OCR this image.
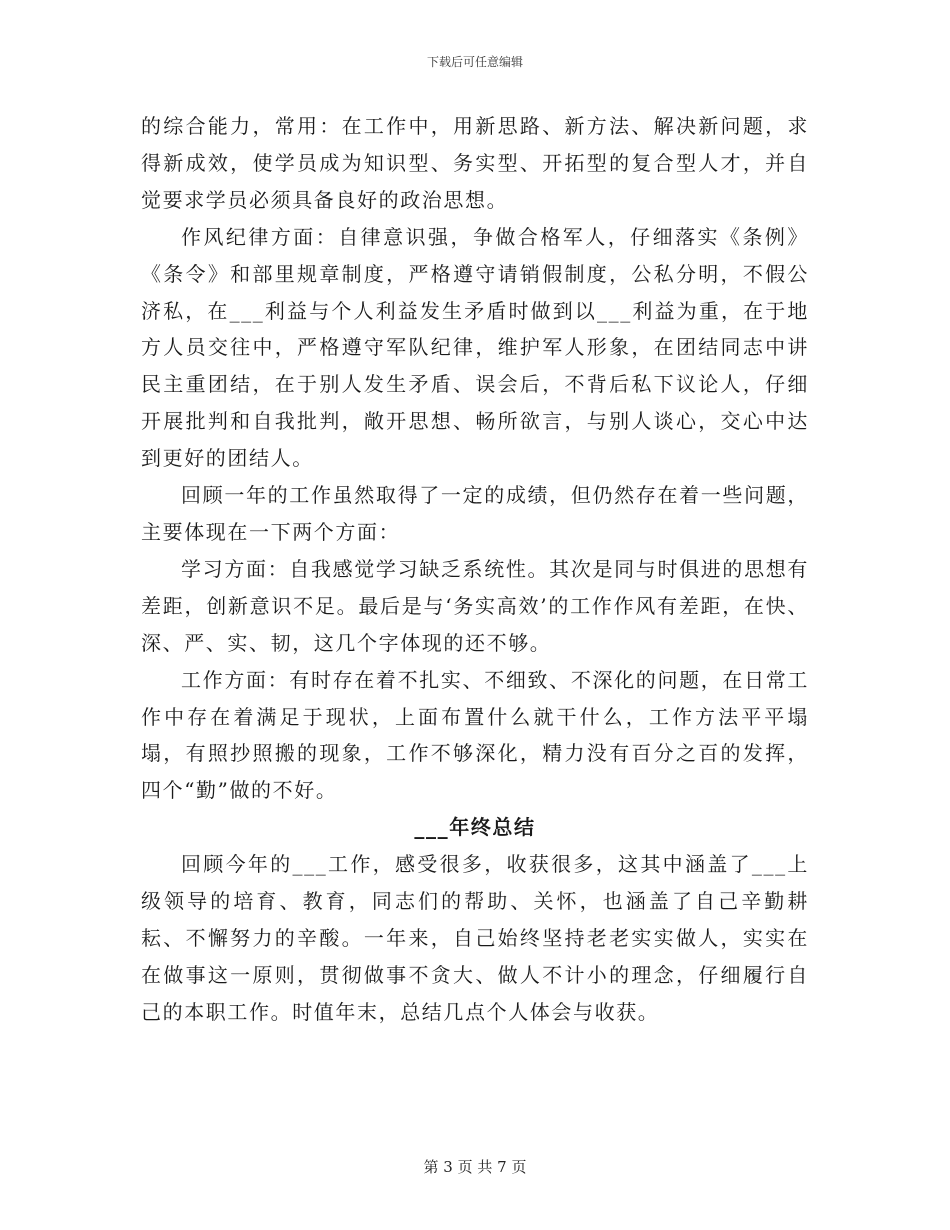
下载后可任意编辑

的综合能力，常用：在工作中，用新思路、新方法、解决新问题，求得新成效，使学员成为知识型、务实型、开拓型的复合型人才，并自觉要求学员必须具备良好的政治思想。

作风纪律方面：自律意识强，争做合格军人，仔细落实《条例》《条令》和部里规章制度，严格遵守请销假制度，公私分明，不假公济私，在___利益与个人利益发生矛盾时做到以___利益为重，在于地方人员交往中，严格遵守军队纪律，维护军人形象，在团结同志中讲民主重团结，在于别人发生矛盾、误会后，不背后私下议论人，仔细开展批判和自我批判，敞开思想、畅所欲言，与别人谈心，交心中达到更好的团结人。

回顾一年的工作虽然取得了一定的成绩，但仍然存在着一些问题，主要体现在一下两个方面：

学习方面：自我感觉学习缺乏系统性。其次是同与时俱进的思想有差距，创新意识不足。最后是与‘务实高效’的工作作风有差距，在快、深、严、实、韧，这几个字体现的还不够。

工作方面：有时存在着不扎实、不细致、不深化的问题，在日常工作中存在着满足于现状，上面布置什么就干什么，工作方法平平塌塌，有照抄照搬的现象，工作不够深化，精力没有百分之百的发挥，四个“勤”做的不好。

___年终总结

回顾今年的___工作，感受很多，收获很多，这其中涵盖了___上级领导的培育、教育，同志们的帮助、关怀，也涵盖了自己辛勤耕耘、不懈努力的辛酸。一年来，自己始终坚持老老实实做人，实实在在做事这一原则，贯彻做事不贪大、做人不计小的理念，仔细履行自己的本职工作。时值年末，总结几点个人体会与收获。

第 3 页 共 7 页
